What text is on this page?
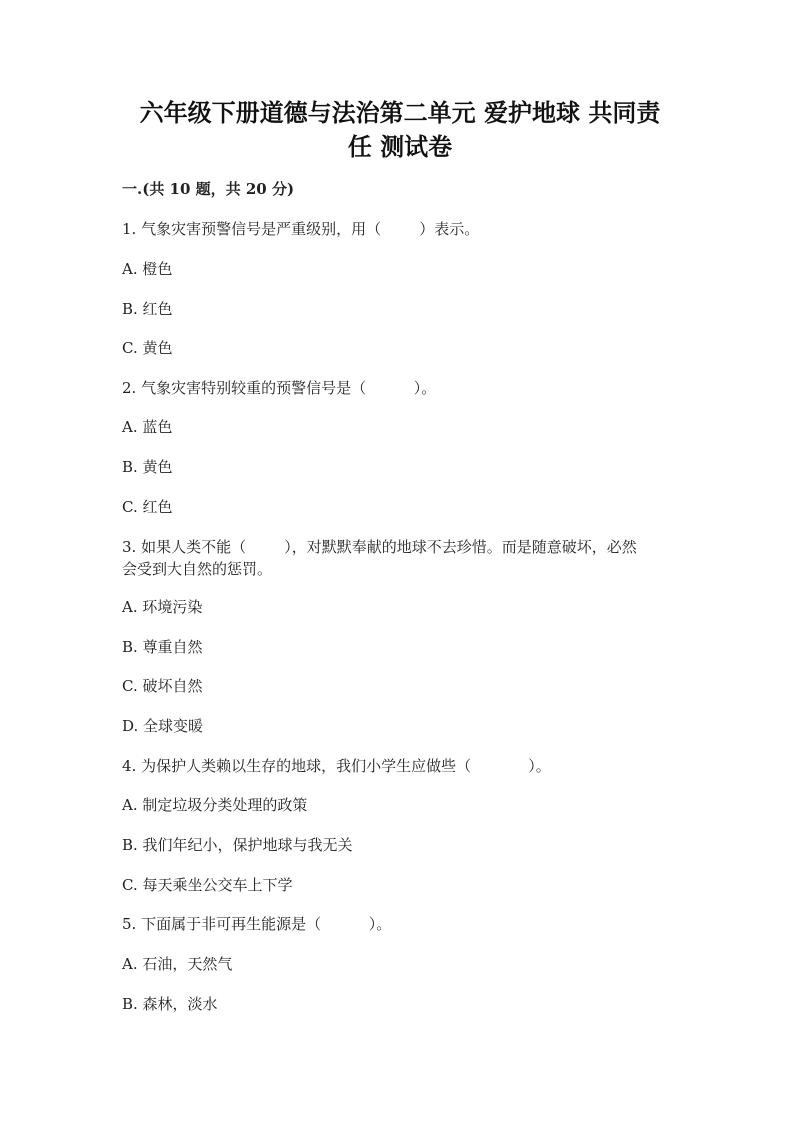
六年级下册道德与法治第二单元 爱护地球 共同责
任 测试卷
一.(共 10 题，共 20 分)
1. 气象灾害预警信号是严重级别，用（        ）表示。
A. 橙色
B. 红色
C. 黄色
2. 气象灾害特别较重的预警信号是（          ）。
A. 蓝色
B. 黄色
C. 红色
3. 如果人类不能（        ），对默默奉献的地球不去珍惜。而是随意破坏，必然
会受到大自然的惩罚。
A. 环境污染
B. 尊重自然
C. 破坏自然
D. 全球变暖
4. 为保护人类赖以生存的地球，我们小学生应做些（            ）。
A. 制定垃圾分类处理的政策
B. 我们年纪小，保护地球与我无关
C. 每天乘坐公交车上下学
5. 下面属于非可再生能源是（          ）。
A. 石油，天然气
B. 森林，淡水
